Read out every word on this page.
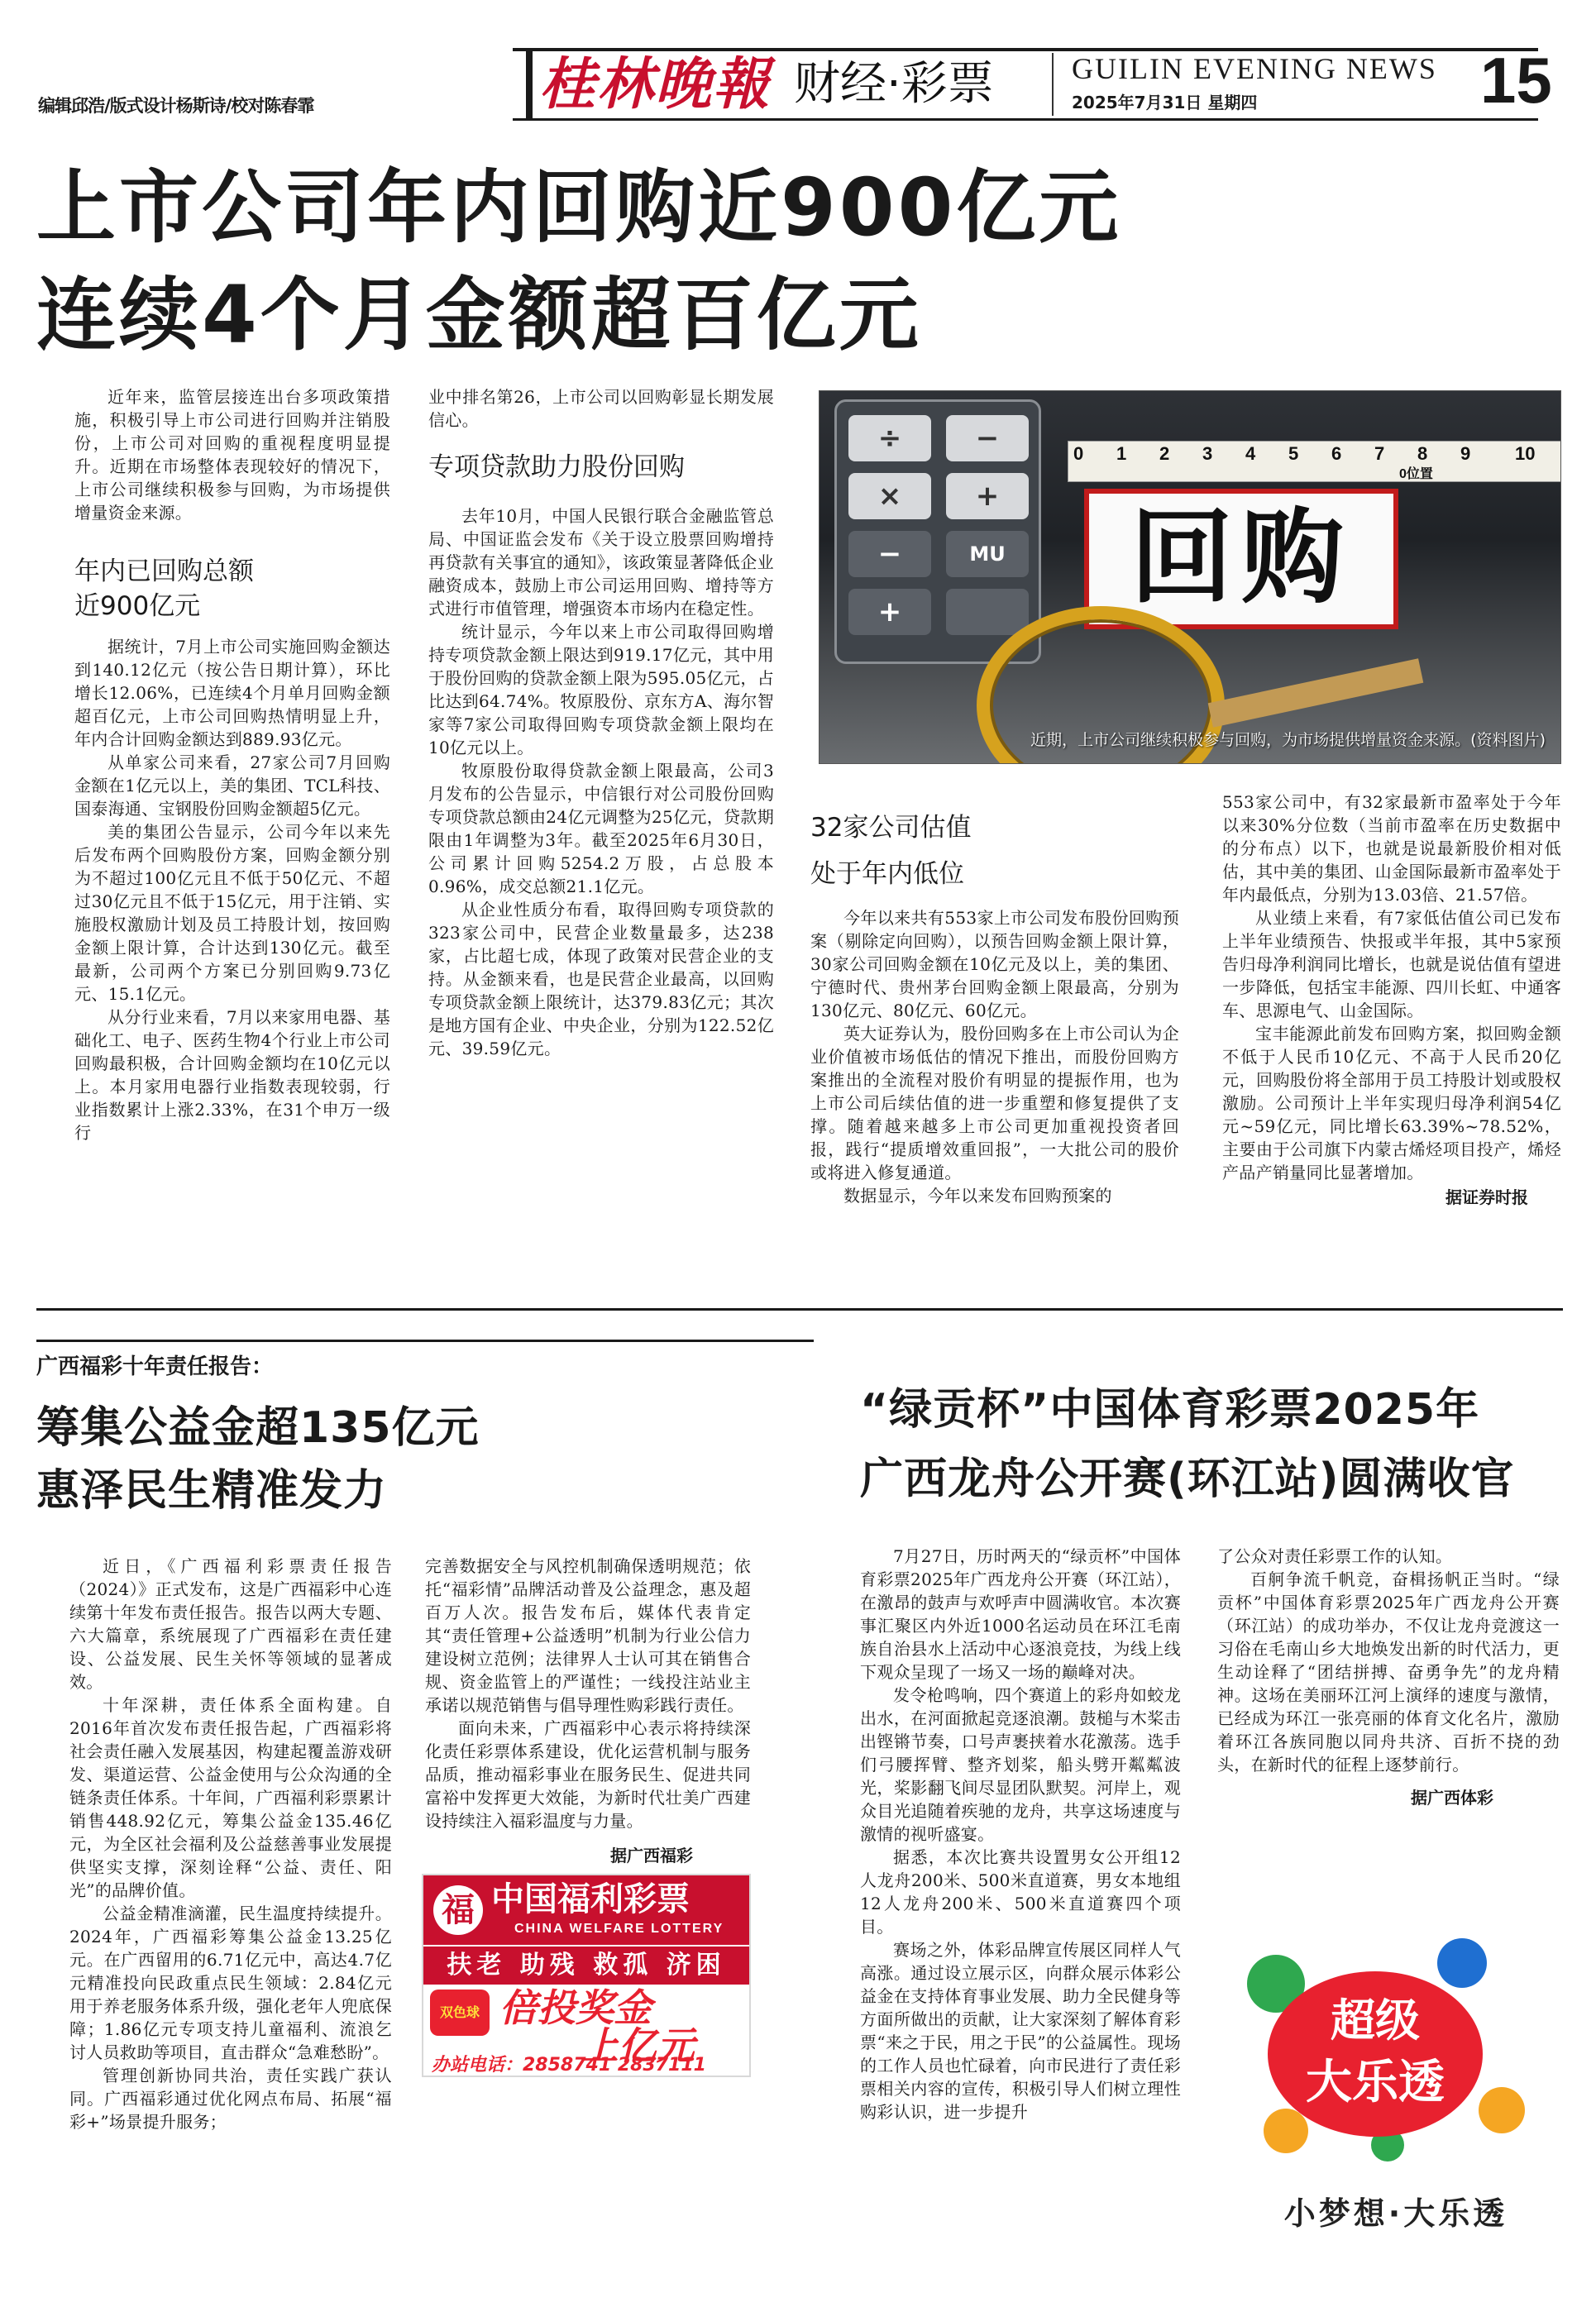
编辑邱浩/版式设计杨斯诗/校对陈春霏	桂林晚報 财经·彩票	GUILIN EVENING NEWS
2025年7月31日 星期四	15
上市公司年内回购近900亿元
连续4个月金额超百亿元

近年来，监管层接连出台多项政策措施，积极引导上市公司进行回购并注销股份，上市公司对回购的重视程度明显提升。近期在市场整体表现较好的情况下，上市公司继续积极参与回购，为市场提供增量资金来源。

年内已回购总额
近900亿元

据统计，7月上市公司实施回购金额达到140.12亿元（按公告日期计算），环比增长12.06%，已连续4个月单月回购金额超百亿元，上市公司回购热情明显上升，年内合计回购金额达到889.93亿元。

从单家公司来看，27家公司7月回购金额在1亿元以上，美的集团、TCL科技、国泰海通、宝钢股份回购金额超5亿元。

美的集团公告显示，公司今年以来先后发布两个回购股份方案，回购金额分别为不超过100亿元且不低于50亿元、不超过30亿元且不低于15亿元，用于注销、实施股权激励计划及员工持股计划，按回购金额上限计算，合计达到130亿元。截至最新，公司两个方案已分别回购9.73亿元、15.1亿元。

从分行业来看，7月以来家用电器、基础化工、电子、医药生物4个行业上市公司回购最积极，合计回购金额均在10亿元以上。本月家用电器行业指数表现较弱，行业指数累计上涨2.33%，在31个申万一级行

业中排名第26，上市公司以回购彰显长期发展信心。

专项贷款助力股份回购

去年10月，中国人民银行联合金融监管总局、中国证监会发布《关于设立股票回购增持再贷款有关事宜的通知》，该政策显著降低企业融资成本，鼓励上市公司运用回购、增持等方式进行市值管理，增强资本市场内在稳定性。

统计显示，今年以来上市公司取得回购增持专项贷款金额上限达到919.17亿元，其中用于股份回购的贷款金额上限为595.05亿元，占比达到64.74%。牧原股份、京东方A、海尔智家等7家公司取得回购专项贷款金额上限均在10亿元以上。

牧原股份取得贷款金额上限最高，公司3月发布的公告显示，中信银行对公司股份回购专项贷款总额由24亿元调整为25亿元，贷款期限由1年调整为3年。截至2025年6月30日，公司累计回购5254.2万股，占总股本0.96%，成交总额21.1亿元。

从企业性质分布看，取得回购专项贷款的323家公司中，民营企业数量最多，达238家，占比超七成，体现了政策对民营企业的支持。从金额来看，也是民营企业最高，以回购专项贷款金额上限统计，达379.83亿元；其次是地方国有企业、中央企业，分别为122.52亿元、39.59亿元。

÷	−
×	+
−	MU
+
0 1 2 3 4 5 6 7 8 9 10
0位置
回购
近期，上市公司继续积极参与回购，为市场提供增量资金来源。(资料图片)
32家公司估值
处于年内低位

今年以来共有553家上市公司发布股份回购预案（剔除定向回购），以预告回购金额上限计算，30家公司回购金额在10亿元及以上，美的集团、宁德时代、贵州茅台回购金额上限最高，分别为130亿元、80亿元、60亿元。

英大证券认为，股份回购多在上市公司认为企业价值被市场低估的情况下推出，而股份回购方案推出的全流程对股价有明显的提振作用，也为上市公司后续估值的进一步重塑和修复提供了支撑。随着越来越多上市公司更加重视投资者回报，践行“提质增效重回报”，一大批公司的股价或将进入修复通道。

数据显示，今年以来发布回购预案的

553家公司中，有32家最新市盈率处于今年以来30%分位数（当前市盈率在历史数据中的分布点）以下，也就是说最新股价相对低估，其中美的集团、山金国际最新市盈率处于年内最低点，分别为13.03倍、21.57倍。

从业绩上来看，有7家低估值公司已发布上半年业绩预告、快报或半年报，其中5家预告归母净利润同比增长，也就是说估值有望进一步降低，包括宝丰能源、四川长虹、中通客车、思源电气、山金国际。

宝丰能源此前发布回购方案，拟回购金额不低于人民币10亿元、不高于人民币20亿元，回购股份将全部用于员工持股计划或股权激励。公司预计上半年实现归母净利润54亿元~59亿元，同比增长63.39%~78.52%，主要由于公司旗下内蒙古烯烃项目投产，烯烃产品产销量同比显著增加。

据证券时报
广西福彩十年责任报告：
筹集公益金超135亿元
惠泽民生精准发力

近日，《广西福利彩票责任报告（2024）》正式发布，这是广西福彩中心连续第十年发布责任报告。报告以两大专题、六大篇章，系统展现了广西福彩在责任建设、公益发展、民生关怀等领域的显著成效。

十年深耕，责任体系全面构建。自2016年首次发布责任报告起，广西福彩将社会责任融入发展基因，构建起覆盖游戏研发、渠道运营、公益金使用与公众沟通的全链条责任体系。十年间，广西福利彩票累计销售448.92亿元，筹集公益金135.46亿元，为全区社会福利及公益慈善事业发展提供坚实支撑，深刻诠释“公益、责任、阳光”的品牌价值。

公益金精准滴灌，民生温度持续提升。2024年，广西福彩筹集公益金13.25亿元。在广西留用的6.71亿元中，高达4.7亿元精准投向民政重点民生领域：2.84亿元用于养老服务体系升级，强化老年人兜底保障；1.86亿元专项支持儿童福利、流浪乞讨人员救助等项目，直击群众“急难愁盼”。

管理创新协同共治，责任实践广获认同。广西福彩通过优化网点布局、拓展“福彩+”场景提升服务；

完善数据安全与风控机制确保透明规范；依托“福彩情”品牌活动普及公益理念，惠及超百万人次。报告发布后，媒体代表肯定其“责任管理+公益透明”机制为行业公信力建设树立范例；法律界人士认可其在销售合规、资金监管上的严谨性；一线投注站业主承诺以规范销售与倡导理性购彩践行责任。

面向未来，广西福彩中心表示将持续深化责任彩票体系建设，优化运营机制与服务品质，推动福彩事业在服务民生、促进共同富裕中发挥更大效能，为新时代壮美广西建设持续注入福彩温度与力量。

据广西福彩
福 中国福利彩票
CHINA WELFARE LOTTERY
扶老 助残 救孤 济困
双色球 倍投奖金
上亿元
办站电话：2858741 2837111
“绿贡杯”中国体育彩票2025年
广西龙舟公开赛(环江站)圆满收官

7月27日，历时两天的“绿贡杯”中国体育彩票2025年广西龙舟公开赛（环江站），在激昂的鼓声与欢呼声中圆满收官。本次赛事汇聚区内外近1000名运动员在环江毛南族自治县水上活动中心逐浪竞技，为线上线下观众呈现了一场又一场的巅峰对决。

发令枪鸣响，四个赛道上的彩舟如蛟龙出水，在河面掀起竞逐浪潮。鼓槌与木桨击出铿锵节奏，口号声裹挟着水花激荡。选手们弓腰挥臂、整齐划桨，船头劈开粼粼波光，桨影翻飞间尽显团队默契。河岸上，观众目光追随着疾驰的龙舟，共享这场速度与激情的视听盛宴。

据悉，本次比赛共设置男女公开组12人龙舟200米、500米直道赛，男女本地组12人龙舟200米、500米直道赛四个项目。

赛场之外，体彩品牌宣传展区同样人气高涨。通过设立展示区，向群众展示体彩公益金在支持体育事业发展、助力全民健身等方面所做出的贡献，让大家深刻了解体育彩票“来之于民，用之于民”的公益属性。现场的工作人员也忙碌着，向市民进行了责任彩票相关内容的宣传，积极引导人们树立理性购彩认识，进一步提升

了公众对责任彩票工作的认知。

百舸争流千帆竞，奋楫扬帆正当时。“绿贡杯”中国体育彩票2025年广西龙舟公开赛（环江站）的成功举办，不仅让龙舟竞渡这一习俗在毛南山乡大地焕发出新的时代活力，更生动诠释了“团结拼搏、奋勇争先”的龙舟精神。这场在美丽环江河上演绎的速度与激情，已经成为环江一张亮丽的体育文化名片，激励着环江各族同胞以同舟共济、百折不挠的劲头，在新时代的征程上逐梦前行。

据广西体彩
超级
大乐透
小梦想·大乐透
